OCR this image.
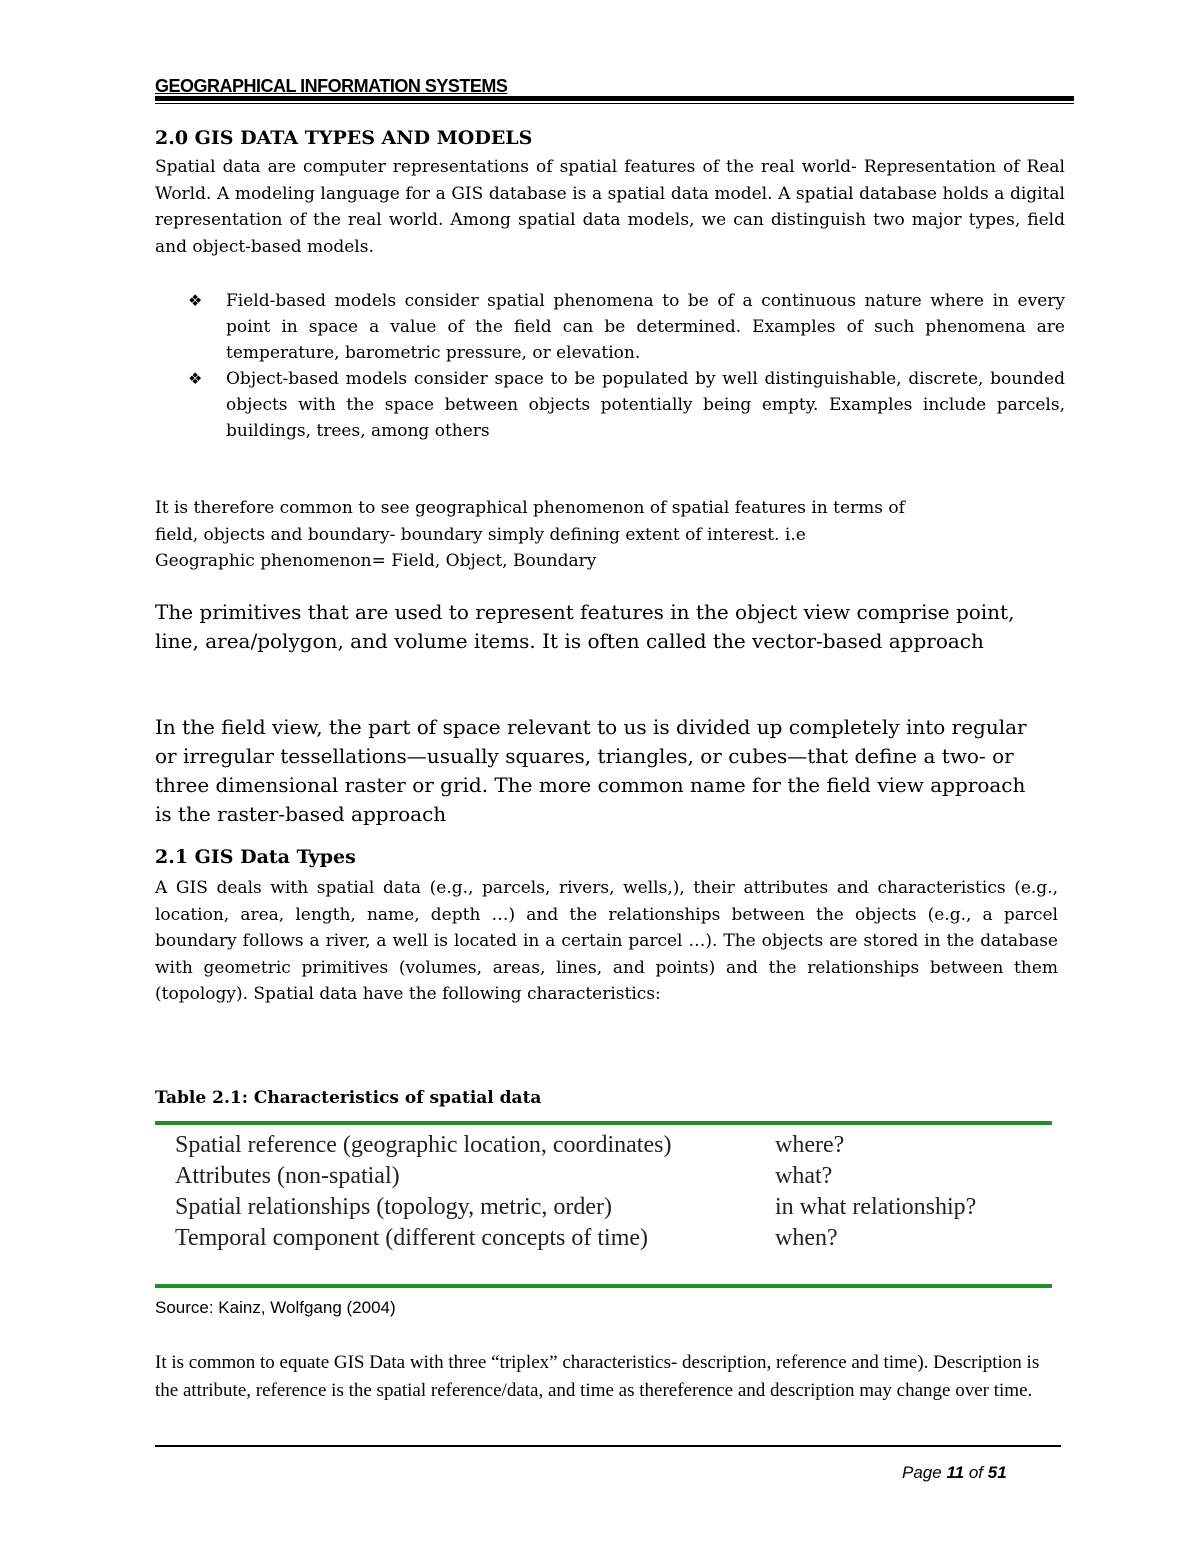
GEOGRAPHICAL INFORMATION SYSTEMS
2.0 GIS DATA TYPES AND MODELS
Spatial data are computer representations of spatial features of the real world- Representation of Real World. A modeling language for a GIS database is a spatial data model. A spatial database holds a digital representation of the real world. Among spatial data models, we can distinguish two major types, field and object-based models.
❖ Field-based models consider spatial phenomena to be of a continuous nature where in every point in space a value of the field can be determined. Examples of such phenomena are temperature, barometric pressure, or elevation.
❖ Object-based models consider space to be populated by well distinguishable, discrete, bounded objects with the space between objects potentially being empty. Examples include parcels, buildings, trees, among others
It is therefore common to see geographical phenomenon of spatial features in terms of
field, objects and boundary- boundary simply defining extent of interest. i.e
Geographic phenomenon= Field, Object, Boundary
The primitives that are used to represent features in the object view comprise point, line, area/polygon, and volume items. It is often called the vector-based approach
In the field view, the part of space relevant to us is divided up completely into regular or irregular tessellations—usually squares, triangles, or cubes—that define a two- or three dimensional raster or grid. The more common name for the field view approach is the raster-based approach
2.1 GIS Data Types
A GIS deals with spatial data (e.g., parcels, rivers, wells,), their attributes and characteristics (e.g., location, area, length, name, depth …) and the relationships between the objects (e.g., a parcel boundary follows a river, a well is located in a certain parcel …). The objects are stored in the database with geometric primitives (volumes, areas, lines, and points) and the relationships between them (topology). Spatial data have the following characteristics:
Table 2.1: Characteristics of spatial data
Spatial reference (geographic location, coordinates)	where?
Attributes (non-spatial)	what?
Spatial relationships (topology, metric, order)	in what relationship?
Temporal component (different concepts of time)	when?
Source: Kainz, Wolfgang (2004)
It is common to equate GIS Data with three “triplex” characteristics- description, reference and time). Description is the attribute, reference is the spatial reference/data, and time as thereference and description may change over time.
Page 11 of 51
